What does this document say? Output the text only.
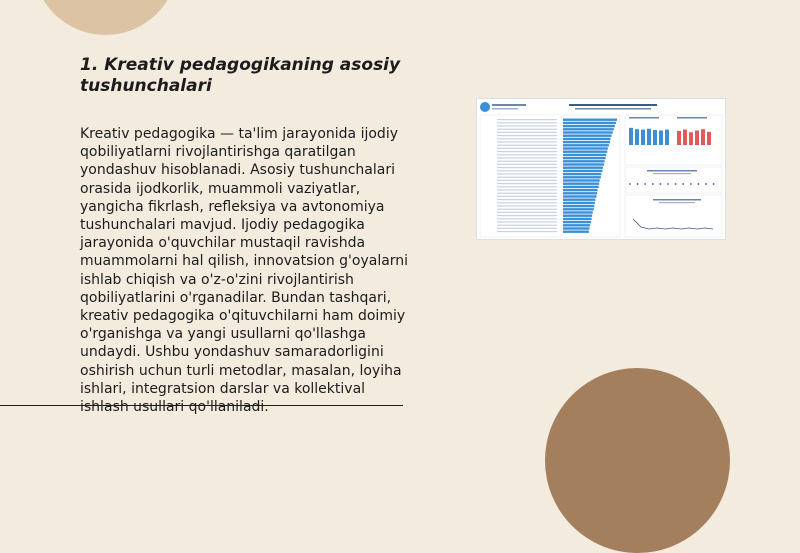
1. Kreativ pedagogikaning asosiy tushunchalari

Kreativ pedagogika — ta'lim jarayonida ijodiy qobiliyatlarni rivojlantirishga qaratilgan yondashuv hisoblanadi. Asosiy tushunchalari orasida ijodkorlik, muammoli vaziyatlar, yangicha fikrlash, refleksiya va avtonomiya tushunchalari mavjud. Ijodiy pedagogika jarayonida o'quvchilar mustaqil ravishda muammolarni hal qilish, innovatsion g'oyalarni ishlab chiqish va o'z-o'zini rivojlantirish qobiliyatlarini o'rganadilar. Bundan tashqari, kreativ pedagogika o'qituvchilarni ham doimiy o'rganishga va yangi usullarni qo'llashga undaydi. Ushbu yondashuv samaradorligini oshirish uchun turli metodlar, masalan, loyiha ishlari, integratsion darslar va kollektival ishlash usullari qo'llaniladi.
